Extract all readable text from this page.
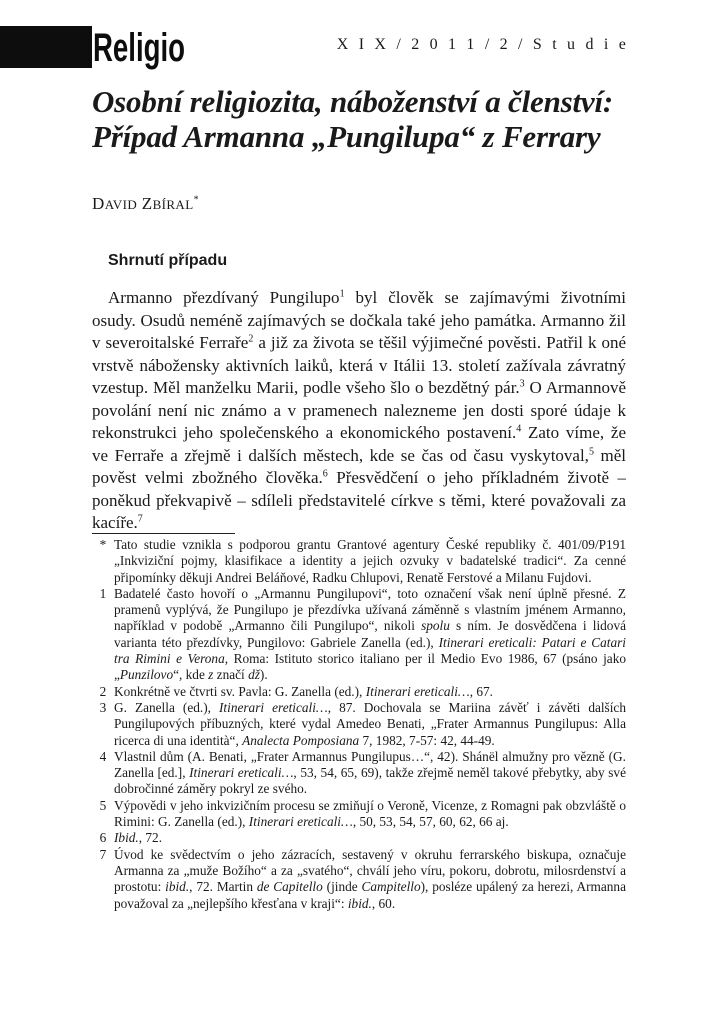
Religio	X I X / 2 0 1 1 / 2 / S t u d i e
Osobní religiozita, náboženství a členství:
Případ Armanna „Pungilupa“ z Ferrary
DAVID ZBÍRAL*
Shrnutí případu

Armanno přezdívaný Pungilupo$^1$ byl člověk se zajímavými životními osudy. Osudů neméně zajímavých se dočkala také jeho památka. Armanno žil v severoitalské Ferraře$^2$ a již za života se těšil výjimečné pověsti. Patřil k oné vrstvě nábožensky aktivních laiků, která v Itálii 13. století zažívala závratný vzestup. Měl manželku Marii, podle všeho šlo o bezdětný pár.$^3$ O Armannově povolání není nic známo a v pramenech nalezneme jen dosti sporé údaje k rekonstrukci jeho společenského a ekonomického postavení.$^4$ Zato víme, že ve Ferraře a zřejmě i dalších městech, kde se čas od času vyskytoval,$^5$ měl pověst velmi zbožného člověka.$^6$ Přesvědčení o jeho příkladném životě – poněkud překvapivě – sdíleli představitelé církve s těmi, které považovali za kacíře.$^7$

* Tato studie vznikla s podporou grantu Grantové agentury České republiky č. 401/09/P191 „Inkviziční pojmy, klasifikace a identity a jejich ozvuky v badatelské tradici“. Za cenné připomínky děkuji Andrei Beláňové, Radku Chlupovi, Renatě Ferstové a Milanu Fujdovi.
1 Badatelé často hovoří o „Armannu Pungilupovi“, toto označení však není úplně přesné. Z pramenů vyplývá, že Pungilupo je přezdívka užívaná záměnně s vlastním jménem Armanno, například v podobě „Armanno čili Pungilupo“, nikoli spolu s ním. Je dosvědčena i lidová varianta této přezdívky, Pungilovo: Gabriele Zanella (ed.), Itinerari ereticali: Patari e Catari tra Rimini e Verona, Roma: Istituto storico italiano per il Medio Evo 1986, 67 (psáno jako „Punzilovo“, kde z značí dž).
2 Konkrétně ve čtvrti sv. Pavla: G. Zanella (ed.), Itinerari ereticali…, 67.
3 G. Zanella (ed.), Itinerari ereticali…, 87. Dochovala se Mariina závěť i závěti dalších Pungilupových příbuzných, které vydal Amedeo Benati, „Frater Armannus Pungilupus: Alla ricerca di una identità“, Analecta Pomposiana 7, 1982, 7-57: 42, 44-49.
4 Vlastnil dům (A. Benati, „Frater Armannus Pungilupus…“, 42). Shánël almužny pro vězně (G. Zanella [ed.], Itinerari ereticali…, 53, 54, 65, 69), takže zřejmě neměl takové přebytky, aby své dobročinné záměry pokryl ze svého.
5 Výpovědi v jeho inkvizičním procesu se zmiňují o Veroně, Vicenze, z Romagni pak obzvláště o Rimini: G. Zanella (ed.), Itinerari ereticali…, 50, 53, 54, 57, 60, 62, 66 aj.
6 Ibid., 72.
7 Úvod ke svědectvím o jeho zázracích, sestavený v okruhu ferrarského biskupa, označuje Armanna za „muže Božího“ a za „svatého“, chválí jeho víru, pokoru, dobrotu, milosrdenství a prostotu: ibid., 72. Martin de Capitello (jinde Campitello), posléze upálený za herezi, Armanna považoval za „nejlepšího křesťana v kraji“: ibid., 60.
